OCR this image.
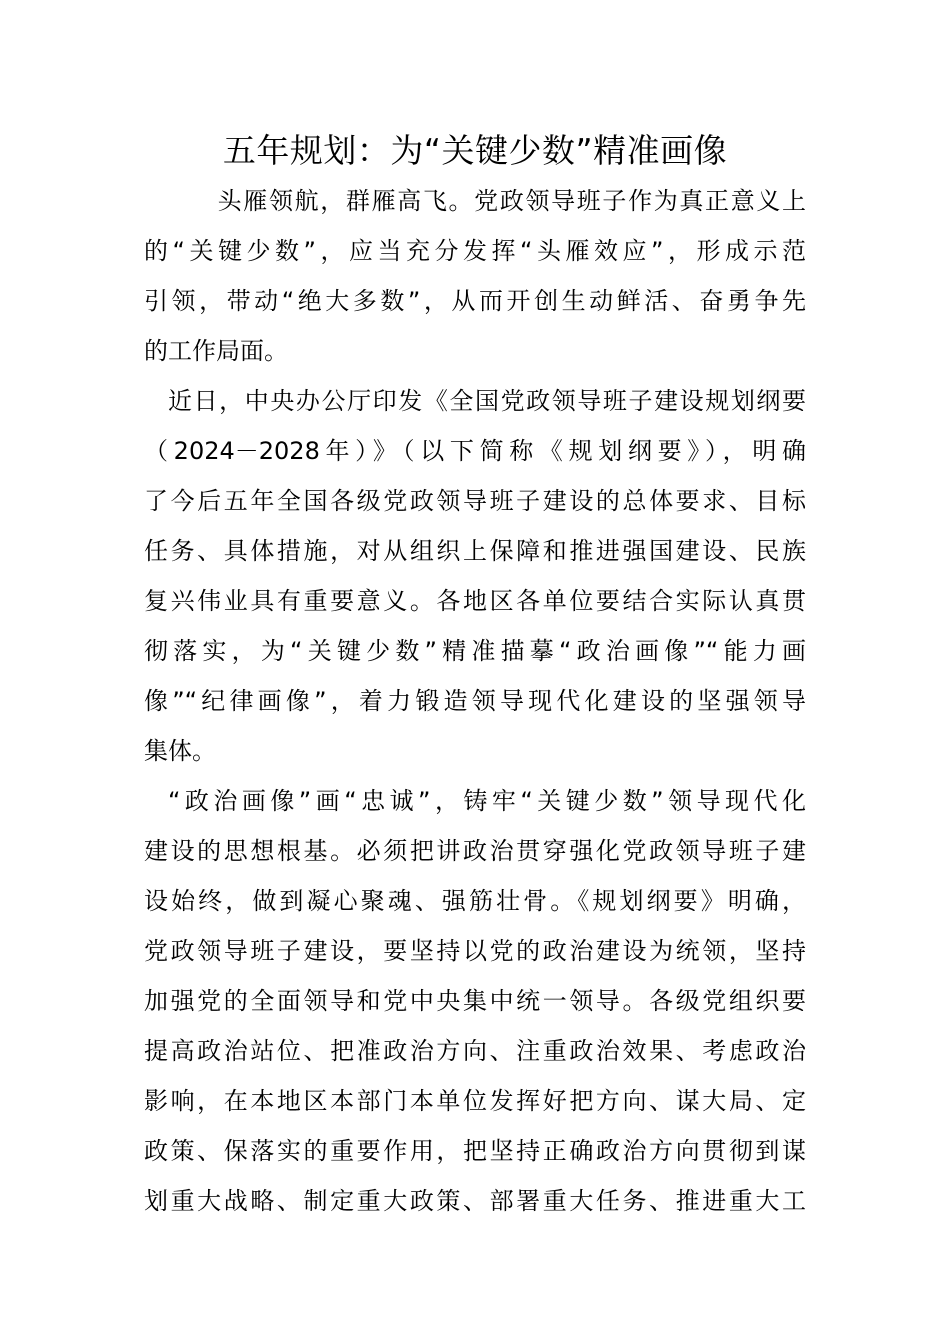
五年规划：为“关键少数”精准画像
　头雁领航，群雁高飞。党政领导班子作为真正意义上
的“关键少数”，应当充分发挥“头雁效应”，形成示范
引领，带动“绝大多数”，从而开创生动鲜活、奋勇争先
的工作局面。
近日，中央办公厅印发《全国党政领导班子建设规划纲要
（2024－2028年）》（以下简称《规划纲要》），明确
了今后五年全国各级党政领导班子建设的总体要求、目标
任务、具体措施，对从组织上保障和推进强国建设、民族
复兴伟业具有重要意义。各地区各单位要结合实际认真贯
彻落实，为“关键少数”精准描摹“政治画像”“能力画
像”“纪律画像”，着力锻造领导现代化建设的坚强领导
集体。
“政治画像”画“忠诚”，铸牢“关键少数”领导现代化
建设的思想根基。必须把讲政治贯穿强化党政领导班子建
设始终，做到凝心聚魂、强筋壮骨。《规划纲要》明确，
党政领导班子建设，要坚持以党的政治建设为统领，坚持
加强党的全面领导和党中央集中统一领导。各级党组织要
提高政治站位、把准政治方向、注重政治效果、考虑政治
影响，在本地区本部门本单位发挥好把方向、谋大局、定
政策、保落实的重要作用，把坚持正确政治方向贯彻到谋
划重大战略、制定重大政策、部署重大任务、推进重大工
